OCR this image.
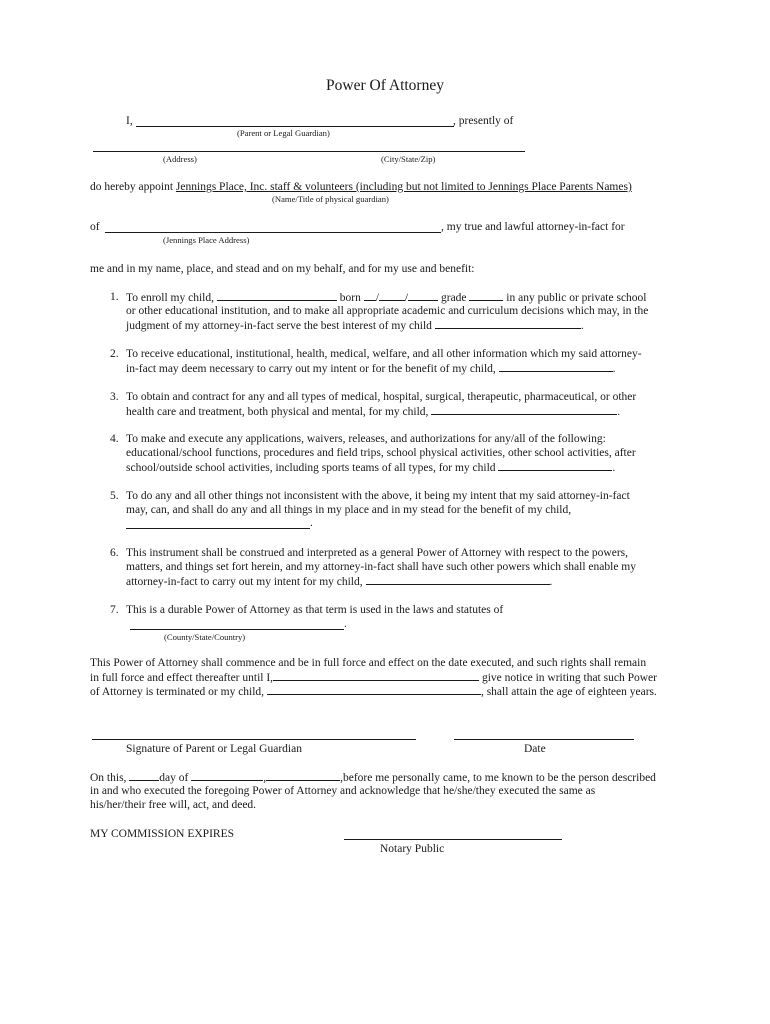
Power Of Attorney
I,	, presently of
(Parent or Legal Guardian)
(Address)	(City/State/Zip)
do hereby appoint Jennings Place, Inc. staff & volunteers (including but not limited to Jennings Place Parents Names)
(Name/Title of physical guardian)
of	, my true and lawful attorney-in-fact for
(Jennings Place Address)
me and in my name, place, and stead and on my behalf, and for my use and benefit:
1. To enroll my child,	born / /	grade	in any public or private school
or other educational institution, and to make all appropriate academic and curriculum decisions which may, in the
judgment of my attorney-in-fact serve the best interest of my child	.
2. To receive educational, institutional, health, medical, welfare, and all other information which my said attorney-
in-fact may deem necessary to carry out my intent or for the benefit of my child,	.
3. To obtain and contract for any and all types of medical, hospital, surgical, therapeutic, pharmaceutical, or other
health care and treatment, both physical and mental, for my child,	.
4. To make and execute any applications, waivers, releases, and authorizations for any/all of the following:
educational/school functions, procedures and field trips, school physical activities, other school activities, after
school/outside school activities, including sports teams of all types, for my child	.
5. To do any and all other things not inconsistent with the above, it being my intent that my said attorney-in-fact
may, can, and shall do any and all things in my place and in my stead for the benefit of my child,
.
6. This instrument shall be construed and interpreted as a general Power of Attorney with respect to the powers,
matters, and things set fort herein, and my attorney-in-fact shall have such other powers which shall enable my
attorney-in-fact to carry out my intent for my child,	.
7. This is a durable Power of Attorney as that term is used in the laws and statutes of
.
(County/State/Country)
This Power of Attorney shall commence and be in full force and effect on the date executed, and such rights shall remain
in full force and effect thereafter until I,	give notice in writing that such Power
of Attorney is terminated or my child,	, shall attain the age of eighteen years.
Signature of Parent or Legal Guardian	Date
On this,	day of	,	,before me personally came, to me known to be the person described
in and who executed the foregoing Power of Attorney and acknowledge that he/she/they executed the same as
his/her/their free will, act, and deed.
MY COMMISSION EXPIRES
Notary Public
